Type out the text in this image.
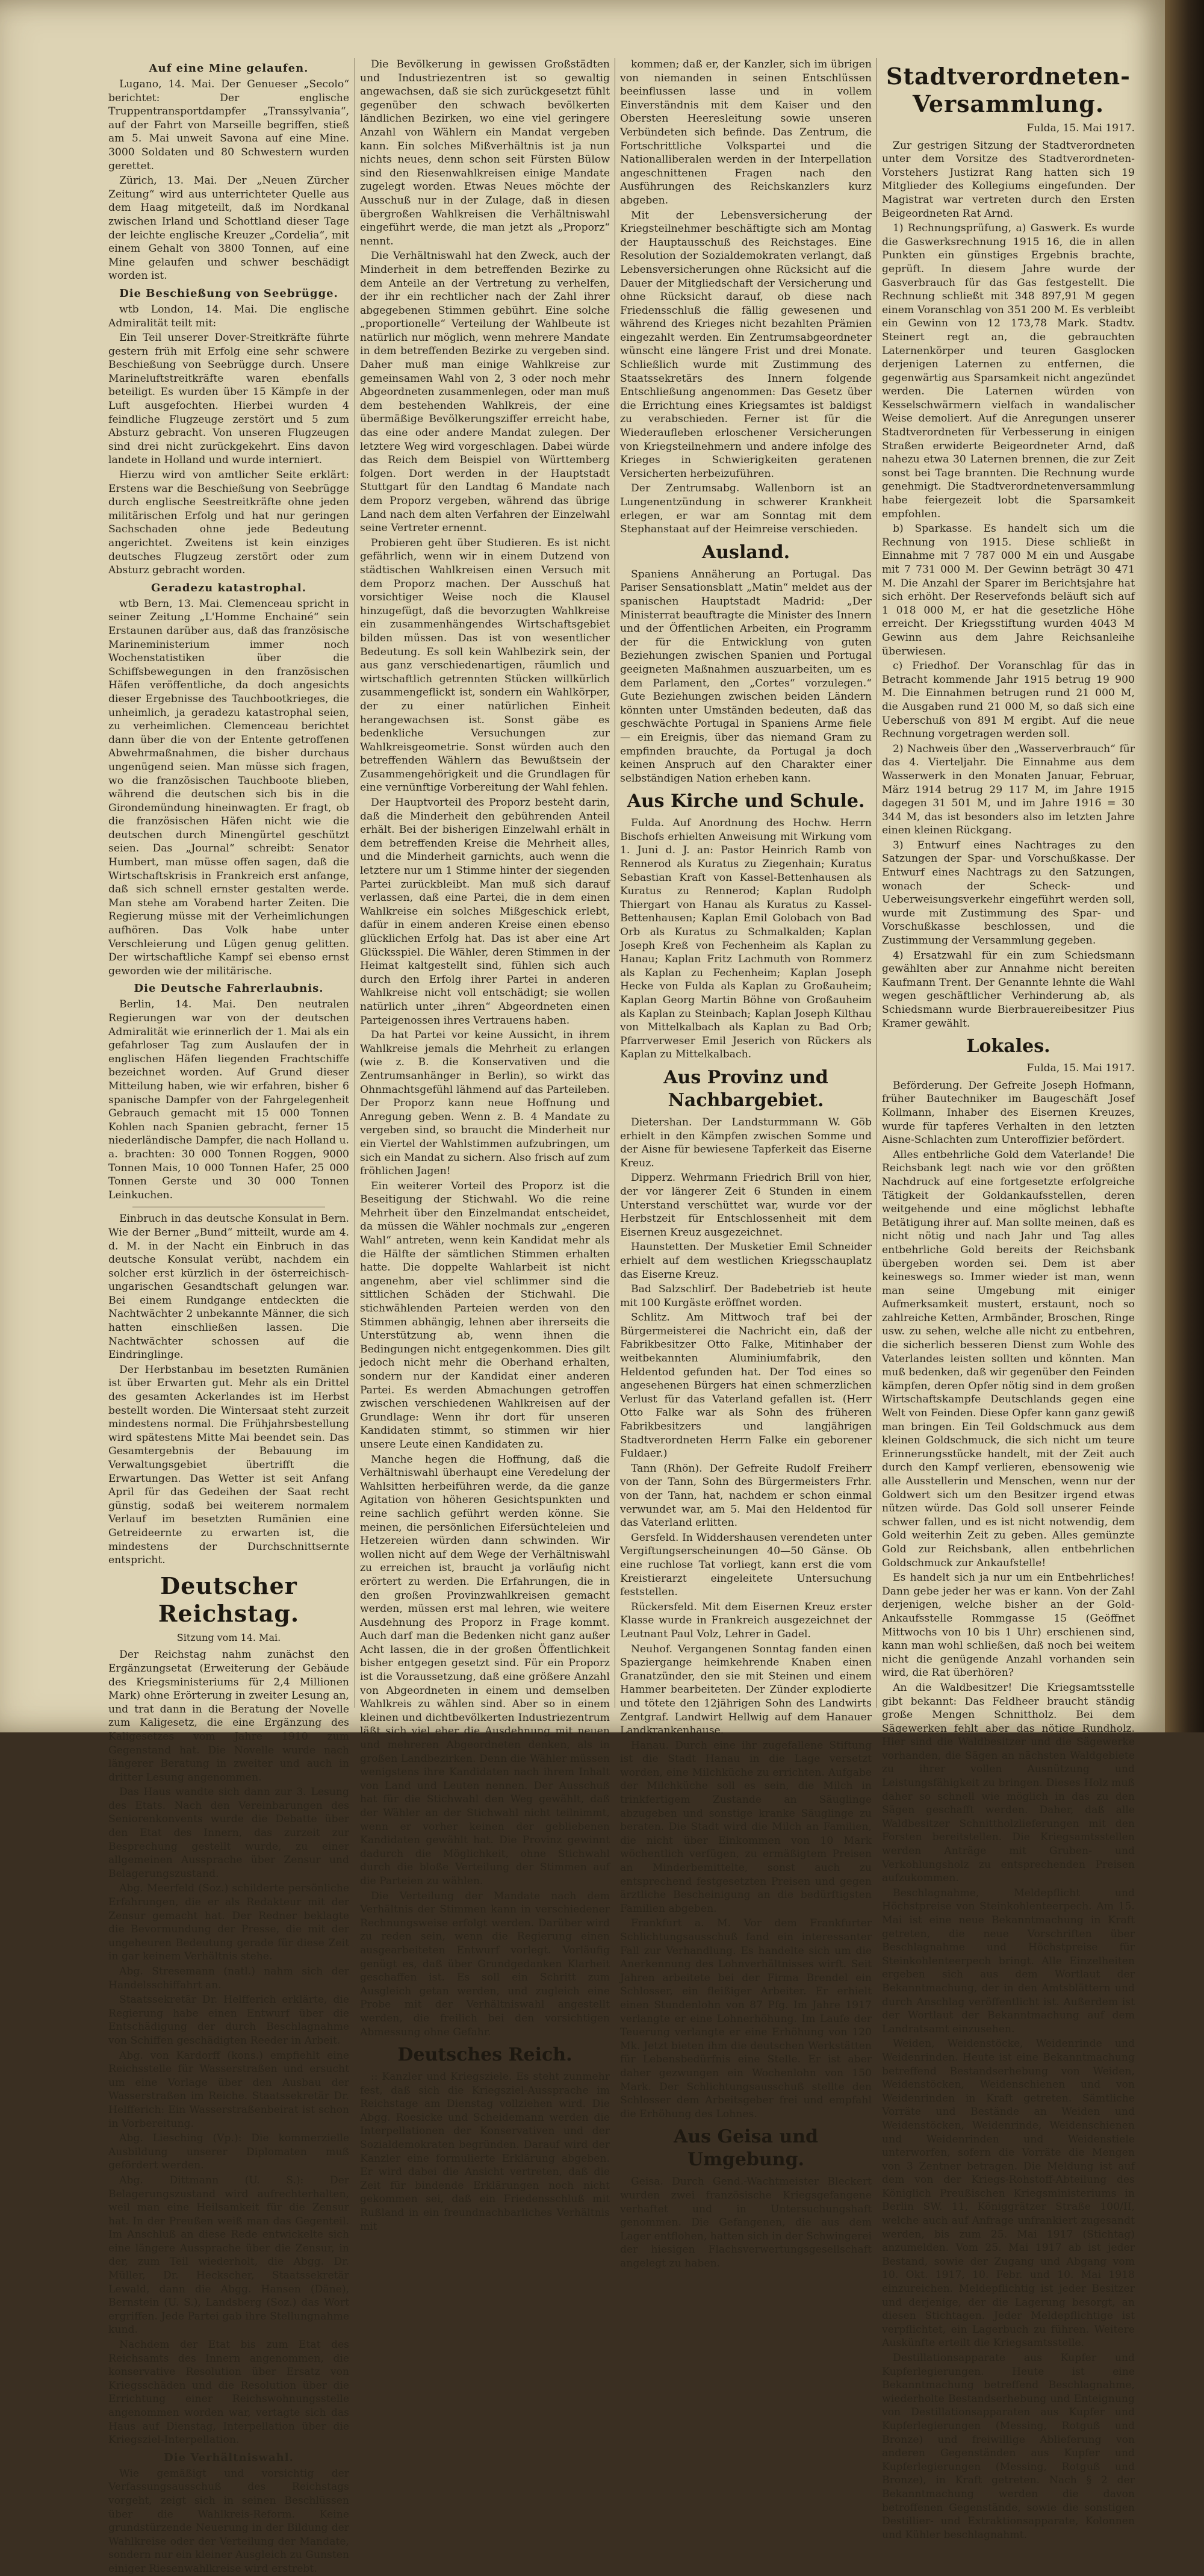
Auf eine Mine gelaufen.

Lugano, 14. Mai. Der Genueser „Secolo“ berichtet: Der englische Truppentransportdampfer „Transsylvania“, auf der Fahrt von Marseille begriffen, stieß am 5. Mai unweit Savona auf eine Mine. 3000 Soldaten und 80 Schwestern wurden gerettet.

Zürich, 13. Mai. Der „Neuen Zürcher Zeitung“ wird aus unterrichteter Quelle aus dem Haag mitgeteilt, daß im Nordkanal zwischen Irland und Schottland dieser Tage der leichte englische Kreuzer „Cordelia“, mit einem Gehalt von 3800 Tonnen, auf eine Mine gelaufen und schwer beschädigt worden ist.

Die Beschießung von Seebrügge.

wtb London, 14. Mai. Die englische Admiralität teilt mit:

Ein Teil unserer Dover-Streitkräfte führte gestern früh mit Erfolg eine sehr schwere Beschießung von Seebrügge durch. Unsere Marineluftstreitkräfte waren ebenfalls beteiligt. Es wurden über 15 Kämpfe in der Luft ausgefochten. Hierbei wurden 4 feindliche Flugzeuge zerstört und 5 zum Absturz gebracht. Von unseren Flugzeugen sind drei nicht zurückgekehrt. Eins davon landete in Holland und wurde interniert.

Hierzu wird von amtlicher Seite erklärt: Erstens war die Beschießung von Seebrügge durch englische Seestreitkräfte ohne jeden militärischen Erfolg und hat nur geringen Sachschaden ohne jede Bedeutung angerichtet. Zweitens ist kein einziges deutsches Flugzeug zerstört oder zum Absturz gebracht worden.

Geradezu katastrophal.

wtb Bern, 13. Mai. Clemenceau spricht in seiner Zeitung „L'Homme Enchainé“ sein Erstaunen darüber aus, daß das französische Marineministerium immer noch Wochenstatistiken über die Schiffsbewegungen in den französischen Häfen veröffentliche, da doch angesichts dieser Ergebnisse des Tauchbootkrieges, die unheimlich, ja geradezu katastrophal seien, zu verheimlichen. Clemenceau berichtet dann über die von der Entente getroffenen Abwehrmaßnahmen, die bisher durchaus ungenügend seien. Man müsse sich fragen, wo die französischen Tauchboote blieben, während die deutschen sich bis in die Girondemündung hineinwagten. Er fragt, ob die französischen Häfen nicht wie die deutschen durch Minengürtel geschützt seien. Das „Journal“ schreibt: Senator Humbert, man müsse offen sagen, daß die Wirtschaftskrisis in Frankreich erst anfange, daß sich schnell ernster gestalten werde. Man stehe am Vorabend harter Zeiten. Die Regierung müsse mit der Verheimlichungen aufhören. Das Volk habe unter Verschleierung und Lügen genug gelitten. Der wirtschaftliche Kampf sei ebenso ernst geworden wie der militärische.

Die Deutsche Fahrerlaubnis.

Berlin, 14. Mai. Den neutralen Regierungen war von der deutschen Admiralität wie erinnerlich der 1. Mai als ein gefahrloser Tag zum Auslaufen der in englischen Häfen liegenden Frachtschiffe bezeichnet worden. Auf Grund dieser Mitteilung haben, wie wir erfahren, bisher 6 spanische Dampfer von der Fahrgelegenheit Gebrauch gemacht mit 15 000 Tonnen Kohlen nach Spanien gebracht, ferner 15 niederländische Dampfer, die nach Holland u. a. brachten: 30 000 Tonnen Roggen, 9000 Tonnen Mais, 10 000 Tonnen Hafer, 25 000 Tonnen Gerste und 30 000 Tonnen Leinkuchen.

Einbruch in das deutsche Konsulat in Bern. Wie der Berner „Bund“ mitteilt, wurde am 4. d. M. in der Nacht ein Einbruch in das deutsche Konsulat verübt, nachdem ein solcher erst kürzlich in der österreichisch-ungarischen Gesandtschaft gelungen war. Bei einem Rundgange entdeckten die Nachtwächter 2 unbekannte Männer, die sich hatten einschließen lassen. Die Nachtwächter schossen auf die Eindringlinge.

Der Herbstanbau im besetzten Rumänien ist über Erwarten gut. Mehr als ein Drittel des gesamten Ackerlandes ist im Herbst bestellt worden. Die Wintersaat steht zurzeit mindestens normal. Die Frühjahrsbestellung wird spätestens Mitte Mai beendet sein. Das Gesamtergebnis der Bebauung im Verwaltungsgebiet übertrifft die Erwartungen. Das Wetter ist seit Anfang April für das Gedeihen der Saat recht günstig, sodaß bei weiterem normalem Verlauf im besetzten Rumänien eine Getreideernte zu erwarten ist, die mindestens der Durchschnittsernte entspricht.

Deutscher Reichstag.
Sitzung vom 14. Mai.

Der Reichstag nahm zunächst den Ergänzungsetat (Erweiterung der Gebäude des Kriegsministeriums für 2,4 Millionen Mark) ohne Erörterung in zweiter Lesung an, und trat dann in die Beratung der Novelle zum Kaligesetz, die eine Ergänzung des Kaligesetzes vom Jahre 1910 zum Gegenstand hat. Die Novelle wurde nach längerer Beratung in zweiter und auch in dritter Lesung angenommen.

Das Haus wandte sich dann zur 3. Lesung des Etats. Nach den Vereinbarungen des Seniorenkonvents wurde die Debatte über den Etat des Innern, das zurzeit zur Besprechung gestellt wurde, zu einer allgemeinen Aussprache über Zensur und Belagerungszustand.

Abg. Meerfeld (Soz.) schilderte persönliche Erfahrungen, die er als Redakteur mit der Zensur gemacht hat. Der Redner beklagte die Bevormundung der Presse, die mit der ungeheuren Bedeutung gerade für diese Zeit in gar keinem Verhältnis stehe.

Abg. Stresemann (natl.) nahm sich der Handelsschiffahrt an.

Staatssekretär Dr. Helfferich erklärte, die Regierung habe einen Entwurf über die Entschädigung der durch Beschlagnahme von Schiffen geschädigten Reeder in Arbeit.

Abg. von Kardorff (kons.) empfiehlt eine Reichsstelle für Wasserstraßen und ersucht um eine Vorlage über den Ausbau der Wasserstraßen im Reiche. Staatssekretär Dr. Helfferich: Ein Wasserstraßenbeirat ist schon in Vorbereitung.

Abg. Liesching (Vp.): Die kommerzielle Ausbildung unserer Diplomaten muß gefördert werden.

Abg. Dittmann (U. S.): Der Belagerungszustand wird aufrechterhalten, weil man eine Heilsamkeit für die Zensur hat. In der Preußen weiß man das Gegenteil. Im Anschluß an diese Rede entwickelte sich eine längere Aussprache über die Zensur, in der, zum Teil wiederholt, die Abgg. Dr. Müller, Dr. Heckscher, Staatssekretär Lewald, dann die Abgg. Hansen (Däne), Bernstein (U. S.), Landsberg (Soz.) das Wort ergriffen. Jede Partei gab ihre Stellungnahme kund.

Nachdem der Etat bis zum Etat des Reichsamts des Innern angenommen, die konservative Resolution über Ersatz von Kriegsschäden und die Resolution über die Errichtung einer Reichswohnungsstelle angenommen worden war, vertagte sich das Haus auf Dienstag, Interpellation über die Kriegsziel-Interpellation.

Die Verhältniswahl.

Wie gemäßigt und vorsichtig der Verfassungsausschuß des Reichstags vorgeht, zeigt sich in seinen Beschlüssen über die Wahlkreis-Reform. Keine grundstürzende Neuerung in der Bildung der Wahlkreise oder der Verteilung der Mandate, sondern nur ein kleiner Ausgleich zu Gunsten einiger Riesenwahlkreise wird erstrebt.

Die Bevölkerung in gewissen Großstädten und Industriezentren ist so gewaltig angewachsen, daß sie sich zurückgesetzt fühlt gegenüber den schwach bevölkerten ländlichen Bezirken, wo eine viel geringere Anzahl von Wählern ein Mandat vergeben kann. Ein solches Mißverhältnis ist ja nun nichts neues, denn schon seit Fürsten Bülow sind den Riesenwahlkreisen einige Mandate zugelegt worden. Etwas Neues möchte der Ausschuß nur in der Zulage, daß in diesen übergroßen Wahlkreisen die Verhältniswahl eingeführt werde, die man jetzt als „Proporz“ nennt.

Die Verhältniswahl hat den Zweck, auch der Minderheit in dem betreffenden Bezirke zu dem Anteile an der Vertretung zu verhelfen, der ihr ein rechtlicher nach der Zahl ihrer abgegebenen Stimmen gebührt. Eine solche „proportionelle“ Verteilung der Wahlbeute ist natürlich nur möglich, wenn mehrere Mandate in dem betreffenden Bezirke zu vergeben sind. Daher muß man einige Wahlkreise zur gemeinsamen Wahl von 2, 3 oder noch mehr Abgeordneten zusammenlegen, oder man muß dem bestehenden Wahlkreis, der eine übermäßige Bevölkerungsziffer erreicht habe, das eine oder andere Mandat zulegen. Der letztere Weg wird vorgeschlagen. Dabei würde das Reich dem Beispiel von Württemberg folgen. Dort werden in der Hauptstadt Stuttgart für den Landtag 6 Mandate nach dem Proporz vergeben, während das übrige Land nach dem alten Verfahren der Einzelwahl seine Vertreter ernennt.

Probieren geht über Studieren. Es ist nicht gefährlich, wenn wir in einem Dutzend von städtischen Wahlkreisen einen Versuch mit dem Proporz machen. Der Ausschuß hat vorsichtiger Weise noch die Klausel hinzugefügt, daß die bevorzugten Wahlkreise ein zusammenhängendes Wirtschaftsgebiet bilden müssen. Das ist von wesentlicher Bedeutung. Es soll kein Wahlbezirk sein, der aus ganz verschiedenartigen, räumlich und wirtschaftlich getrennten Stücken willkürlich zusammengeflickt ist, sondern ein Wahlkörper, der zu einer natürlichen Einheit herangewachsen ist. Sonst gäbe es bedenkliche Versuchungen zur Wahlkreisgeometrie. Sonst würden auch den betreffenden Wählern das Bewußtsein der Zusammengehörigkeit und die Grundlagen für eine vernünftige Vorbereitung der Wahl fehlen.

Der Hauptvorteil des Proporz besteht darin, daß die Minderheit den gebührenden Anteil erhält. Bei der bisherigen Einzelwahl erhält in dem betreffenden Kreise die Mehrheit alles, und die Minderheit garnichts, auch wenn die letztere nur um 1 Stimme hinter der siegenden Partei zurückbleibt. Man muß sich darauf verlassen, daß eine Partei, die in dem einen Wahlkreise ein solches Mißgeschick erlebt, dafür in einem anderen Kreise einen ebenso glücklichen Erfolg hat. Das ist aber eine Art Glücksspiel. Die Wähler, deren Stimmen in der Heimat kaltgestellt sind, fühlen sich auch durch den Erfolg ihrer Partei in anderen Wahlkreise nicht voll entschädigt; sie wollen natürlich unter „ihren“ Abgeordneten einen Parteigenossen ihres Vertrauens haben.

Da hat Partei vor keine Aussicht, in ihrem Wahlkreise jemals die Mehrheit zu erlangen (wie z. B. die Konservativen und die Zentrumsanhänger in Berlin), so wirkt das Ohnmachtsgefühl lähmend auf das Parteileben. Der Proporz kann neue Hoffnung und Anregung geben. Wenn z. B. 4 Mandate zu vergeben sind, so braucht die Minderheit nur ein Viertel der Wahlstimmen aufzubringen, um sich ein Mandat zu sichern. Also frisch auf zum fröhlichen Jagen!

Ein weiterer Vorteil des Proporz ist die Beseitigung der Stichwahl. Wo die reine Mehrheit über den Einzelmandat entscheidet, da müssen die Wähler nochmals zur „engeren Wahl“ antreten, wenn kein Kandidat mehr als die Hälfte der sämtlichen Stimmen erhalten hatte. Die doppelte Wahlarbeit ist nicht angenehm, aber viel schlimmer sind die sittlichen Schäden der Stichwahl. Die stichwählenden Parteien werden von den Stimmen abhängig, lehnen aber ihrerseits die Unterstützung ab, wenn ihnen die Bedingungen nicht entgegenkommen. Dies gilt jedoch nicht mehr die Oberhand erhalten, sondern nur der Kandidat einer anderen Partei. Es werden Abmachungen getroffen zwischen verschiedenen Wahlkreisen auf der Grundlage: Wenn ihr dort für unseren Kandidaten stimmt, so stimmen wir hier unsere Leute einen Kandidaten zu.

Manche hegen die Hoffnung, daß die Verhältniswahl überhaupt eine Veredelung der Wahlsitten herbeiführen werde, da die ganze Agitation von höheren Gesichtspunkten und reine sachlich geführt werden könne. Sie meinen, die persönlichen Eifersüchteleien und Hetzereien würden dann schwinden. Wir wollen nicht auf dem Wege der Verhältniswahl zu erreichen ist, braucht ja vorläufig nicht erörtert zu werden. Die Erfahrungen, die in den großen Provinzwahlkreisen gemacht werden, müssen erst mal lehren, wie weitere Ausdehnung des Proporz in Frage kommt. Auch darf man die Bedenken nicht ganz außer Acht lassen, die in der großen Öffentlichkeit bisher entgegen gesetzt sind. Für ein Proporz ist die Voraussetzung, daß eine größere Anzahl von Abgeordneten in einem und demselben Wahlkreis zu wählen sind. Aber so in einem kleinen und dichtbevölkerten Industriezentrum läßt sich viel eher die Ausdehnung mit neuen und mehreren Abgeordneten denken, als in großen Landbezirken. Denn die Wähler müssen wenigstens ihre Kandidaten nach ihrem Inhalt von Land und Leuten nennen. Der Ausschuß hat für die Stichwahl den Weg gewählt, daß der Wähler an der Stichwahl nicht teilnimmt, wenn er vorher keinen der gebliebenen Kandidaten gewählt hat. Die Provinz gewinnt dadurch die Möglichkeit, ohne Stichwahl durch die bloße Verteilung der Stimmen auf die Parteien zu wählen.

Die Verteilung der Mandate nach dem Verhältnis der Stimmen kann in verschiedener Rechnungsweise erfolgt werden. Darüber wird zu reden sein, wenn die Regierung einen ausgearbeiteten Entwurf vorlegt. Vorläufig genügt es, daß über Grundgedanken Klarheit geschaffen ist. Es soll ein Schritt zum Ausgleich getan werden, und zugleich eine Probe mit der Verhältniswahl angestellt werden, die freilich bei den vorsichtigen Abmessung ohne Gefahr.

Deutsches Reich.

:: Kanzler und Kriegsziele. Es steht zunmehr fest, daß sich die Kriegsziel-Aussprache im Reichstage am Dienstag vollziehen wird. Die Abgg. Roesicke und Scheidemann werden die Interpellationen der Konservativen und der Sozialdemokraten begründen. Darauf wird der Kanzler eine formulierte Erklärung abgeben. Er wird dabei die Ansicht vertreten, daß die Zeit für bindende Erklärungen noch nicht gekommen sei, daß ein Friedensschluß mit Rußland in ein freundnachbarliches Verhältnis mit

kommen; daß er, der Kanzler, sich im übrigen von niemanden in seinen Entschlüssen beeinflussen lasse und in vollem Einverständnis mit dem Kaiser und den Obersten Heeresleitung sowie unseren Verbündeten sich befinde. Das Zentrum, die Fortschrittliche Volkspartei und die Nationalliberalen werden in der Interpellation angeschnittenen Fragen nach den Ausführungen des Reichskanzlers kurz abgeben.

Mit der Lebensversicherung der Kriegsteilnehmer beschäftigte sich am Montag der Hauptausschuß des Reichstages. Eine Resolution der Sozialdemokraten verlangt, daß Lebensversicherungen ohne Rücksicht auf die Dauer der Mitgliedschaft der Versicherung und ohne Rücksicht darauf, ob diese nach Friedensschluß die fällig gewesenen und während des Krieges nicht bezahlten Prämien eingezahlt werden. Ein Zentrumsabgeordneter wünscht eine längere Frist und drei Monate. Schließlich wurde mit Zustimmung des Staatssekretärs des Innern folgende Entschließung angenommen: Das Gesetz über die Errichtung eines Kriegsamtes ist baldigst zu verabschieden. Ferner ist für die Wiederaufleben erloschener Versicherungen von Kriegsteilnehmern und andere infolge des Krieges in Schwierigkeiten geratenen Versicherten herbeizuführen.

Der Zentrumsabg. Wallenborn ist an Lungenentzündung in schwerer Krankheit erlegen, er war am Sonntag mit dem Stephanstaat auf der Heimreise verschieden.

Ausland.

Spaniens Annäherung an Portugal. Das Pariser Sensationsblatt „Matin“ meldet aus der spanischen Hauptstadt Madrid: „Der Ministerrat beauftragte die Minister des Innern und der Öffentlichen Arbeiten, ein Programm der für die Entwicklung von guten Beziehungen zwischen Spanien und Portugal geeigneten Maßnahmen auszuarbeiten, um es dem Parlament, den „Cortes“ vorzulegen.“ Gute Beziehungen zwischen beiden Ländern könnten unter Umständen bedeuten, daß das geschwächte Portugal in Spaniens Arme fiele — ein Ereignis, über das niemand Gram zu empfinden brauchte, da Portugal ja doch keinen Anspruch auf den Charakter einer selbständigen Nation erheben kann.

Aus Kirche und Schule.

Fulda. Auf Anordnung des Hochw. Herrn Bischofs erhielten Anweisung mit Wirkung vom 1. Juni d. J. an: Pastor Heinrich Ramb von Rennerod als Kuratus zu Ziegenhain; Kuratus Sebastian Kraft von Kassel-Bettenhausen als Kuratus zu Rennerod; Kaplan Rudolph Thiergart von Hanau als Kuratus zu Kassel-Bettenhausen; Kaplan Emil Golobach von Bad Orb als Kuratus zu Schmalkalden; Kaplan Joseph Kreß von Fechenheim als Kaplan zu Hanau; Kaplan Fritz Lachmuth von Rommerz als Kaplan zu Fechenheim; Kaplan Joseph Hecke von Fulda als Kaplan zu Großauheim; Kaplan Georg Martin Böhne von Großauheim als Kaplan zu Steinbach; Kaplan Joseph Kilthau von Mittelkalbach als Kaplan zu Bad Orb; Pfarrverweser Emil Jeserich von Rückers als Kaplan zu Mittelkalbach.

Aus Provinz und Nachbargebiet.

Dietershan. Der Landsturmmann W. Göb erhielt in den Kämpfen zwischen Somme und der Aisne für bewiesene Tapferkeit das Eiserne Kreuz.

Dipperz. Wehrmann Friedrich Brill von hier, der vor längerer Zeit 6 Stunden in einem Unterstand verschüttet war, wurde vor der Herbstzeit für Entschlossenheit mit dem Eisernen Kreuz ausgezeichnet.

Haunstetten. Der Musketier Emil Schneider erhielt auf dem westlichen Kriegsschauplatz das Eiserne Kreuz.

Bad Salzschlirf. Der Badebetrieb ist heute mit 100 Kurgäste eröffnet worden.

Schlitz. Am Mittwoch traf bei der Bürgermeisterei die Nachricht ein, daß der Fabrikbesitzer Otto Falke, Mitinhaber der weitbekannten Aluminiumfabrik, den Heldentod gefunden hat. Der Tod eines so angesehenen Bürgers hat einen schmerzlichen Verlust für das Vaterland gefallen ist. (Herr Otto Falke war als Sohn des früheren Fabrikbesitzers und langjährigen Stadtverordneten Herrn Falke ein geborener Fuldaer.)

Tann (Rhön). Der Gefreite Rudolf Freiherr von der Tann, Sohn des Bürgermeisters Frhr. von der Tann, hat, nachdem er schon einmal verwundet war, am 5. Mai den Heldentod für das Vaterland erlitten.

Gersfeld. In Widdershausen verendeten unter Vergiftungserscheinungen 40—50 Gänse. Ob eine ruchlose Tat vorliegt, kann erst die vom Kreistierarzt eingeleitete Untersuchung feststellen.

Rückersfeld. Mit dem Eisernen Kreuz erster Klasse wurde in Frankreich ausgezeichnet der Leutnant Paul Volz, Lehrer in Gadel.

Neuhof. Vergangenen Sonntag fanden einen Spaziergange heimkehrende Knaben einen Granatzünder, den sie mit Steinen und einem Hammer bearbeiteten. Der Zünder explodierte und tötete den 12jährigen Sohn des Landwirts Zentgraf. Landwirt Hellwig auf dem Hanauer Landkrankenhause.

Hanau. Durch eine ihr zugefallene Stiftung ist die Stadt Hanau in die Lage versetzt worden, eine Milchküche zu errichten. Aufgabe der Milchküche soll es sein, die Milch in trinkfertigem Zustande an Säuglinge abzugeben und sonstige kranke Säuglinge zu beraten. Die Stadt wird die Milch an Familien, die nicht über Einkommen von 10 Mark wöchentlich verfügen, zu ermäßigtem Preisen an Minderbemittelte, sonst auch zu entsprechend festgesetzten Preisen und gegen ärztliche Bescheinigung an die bedürftigsten Familien abgeben.

Frankfurt a. M. Vor dem Frankfurter Schlichtungsausschuß fand ein interessanter Fall zur Verhandlung. Es handelte sich um die Anerkennung des Lohnverhältnisses wirft. Seit Jahren arbeitete bei der Firma Brendel ein Schlosser, ein fleißiger Arbeiter. Er erhielt einen Stundenlohn von 87 Pfg. Im Jahre 1917 verlangte er eine Lohnerhöhung. Im Laufe der Teuerung verlangte er eine Erhöhung von 120 Mk. Jetzt bieten ihm die deutschen Werkstätten für Lebensbedürfnis eine Stelle. Er ist aber daher gezwungen ein Wochenlohn von 150 Mark. Der Schlichtungsausschuß stellte den Schlosser dem Arbeitsgeber frei und empfahl die Erhöhung des Lohnes.

Aus Geisa und Umgebung.

Geisa. Durch Gend.-Wachtmeister Bleckert wurden zwei französische Kriegsgefangene verhaftet und in Untersuchungshaft genommen. Die Gefangenen, die aus dem Lager entflohen, hatten sich in der Schwingerei der hiesigen Flachsverwertungsgesellschaft angelegt zu haben.

Stadtverordneten-Versammlung.
Fulda, 15. Mai 1917.

Zur gestrigen Sitzung der Stadtverordneten unter dem Vorsitze des Stadtverordneten-Vorstehers Justizrat Rang hatten sich 19 Mitglieder des Kollegiums eingefunden. Der Magistrat war vertreten durch den Ersten Beigeordneten Rat Arnd.

1) Rechnungsprüfung, a) Gaswerk. Es wurde die Gaswerksrechnung 1915 16, die in allen Punkten ein günstiges Ergebnis brachte, geprüft. In diesem Jahre wurde der Gasverbrauch für das Gas festgestellt. Die Rechnung schließt mit 348 897,91 M gegen einem Voranschlag von 351 200 M. Es verbleibt ein Gewinn von 12 173,78 Mark. Stadtv. Steinert regt an, die gebrauchten Laternenkörper und teuren Gasglocken derjenigen Laternen zu entfernen, die gegenwärtig aus Sparsamkeit nicht angezündet werden. Die Laternen würden von Kesselschwärmern vielfach in wandalischer Weise demoliert. Auf die Anregungen unserer Stadtverordneten für Verbesserung in einigen Straßen erwiderte Beigeordneter Arnd, daß nahezu etwa 30 Laternen brennen, die zur Zeit sonst bei Tage brannten. Die Rechnung wurde genehmigt. Die Stadtverordnetenversammlung habe feiergezeit lobt die Sparsamkeit empfohlen.

b) Sparkasse. Es handelt sich um die Rechnung von 1915. Diese schließt in Einnahme mit 7 787 000 M ein und Ausgabe mit 7 731 000 M. Der Gewinn beträgt 30 471 M. Die Anzahl der Sparer im Berichtsjahre hat sich erhöht. Der Reservefonds beläuft sich auf 1 018 000 M, er hat die gesetzliche Höhe erreicht. Der Kriegsstiftung wurden 4043 M Gewinn aus dem Jahre Reichsanleihe überwiesen.

c) Friedhof. Der Voranschlag für das in Betracht kommende Jahr 1915 betrug 19 900 M. Die Einnahmen betrugen rund 21 000 M, die Ausgaben rund 21 000 M, so daß sich eine Ueberschuß von 891 M ergibt. Auf die neue Rechnung vorgetragen werden soll.

2) Nachweis über den „Wasserverbrauch“ für das 4. Vierteljahr. Die Einnahme aus dem Wasserwerk in den Monaten Januar, Februar, März 1914 betrug 29 117 M, im Jahre 1915 dagegen 31 501 M, und im Jahre 1916 = 30 344 M, das ist besonders also im letzten Jahre einen kleinen Rückgang.

3) Entwurf eines Nachtrages zu den Satzungen der Spar- und Vorschußkasse. Der Entwurf eines Nachtrags zu den Satzungen, wonach der Scheck- und Ueberweisungsverkehr eingeführt werden soll, wurde mit Zustimmung des Spar- und Vorschußkasse beschlossen, und die Zustimmung der Versammlung gegeben.

4) Ersatzwahl für ein zum Schiedsmann gewählten aber zur Annahme nicht bereiten Kaufmann Trent. Der Genannte lehnte die Wahl wegen geschäftlicher Verhinderung ab, als Schiedsmann wurde Bierbrauereibesitzer Pius Kramer gewählt.

Lokales.
Fulda, 15. Mai 1917.

Beförderung. Der Gefreite Joseph Hofmann, früher Bautechniker im Baugeschäft Josef Kollmann, Inhaber des Eisernen Kreuzes, wurde für tapferes Verhalten in den letzten Aisne-Schlachten zum Unteroffizier befördert.

Alles entbehrliche Gold dem Vaterlande! Die Reichsbank legt nach wie vor den größten Nachdruck auf eine fortgesetzte erfolgreiche Tätigkeit der Goldankaufsstellen, deren weitgehende und eine möglichst lebhafte Betätigung ihrer auf. Man sollte meinen, daß es nicht nötig und nach Jahr und Tag alles entbehrliche Gold bereits der Reichsbank übergeben worden sei. Dem ist aber keineswegs so. Immer wieder ist man, wenn man seine Umgebung mit einiger Aufmerksamkeit mustert, erstaunt, noch so zahlreiche Ketten, Armbänder, Broschen, Ringe usw. zu sehen, welche alle nicht zu entbehren, die sicherlich besseren Dienst zum Wohle des Vaterlandes leisten sollten und könnten. Man muß bedenken, daß wir gegenüber den Feinden kämpfen, deren Opfer nötig sind in dem großen Wirtschaftskampfe Deutschlands gegen eine Welt von Feinden. Diese Opfer kann ganz gewiß man bringen. Ein Teil Goldschmuck aus dem kleinen Goldschmuck, die sich nicht um teure Erinnerungsstücke handelt, mit der Zeit auch durch den Kampf verlieren, ebensowenig wie alle Ausstellerin und Menschen, wenn nur der Goldwert sich um den Besitzer irgend etwas nützen würde. Das Gold soll unserer Feinde schwer fallen, und es ist nicht notwendig, dem Gold weiterhin Zeit zu geben. Alles gemünzte Gold zur Reichsbank, allen entbehrlichen Goldschmuck zur Ankaufstelle!

Es handelt sich ja nur um ein Entbehrliches! Dann gebe jeder her was er kann. Von der Zahl derjenigen, welche bisher an der Gold-Ankaufsstelle Rommgasse 15 (Geöffnet Mittwochs von 10 bis 1 Uhr) erschienen sind, kann man wohl schließen, daß noch bei weitem nicht die genügende Anzahl vorhanden sein wird, die Rat überhören?

An die Waldbesitzer! Die Kriegsamtsstelle gibt bekannt: Das Feldheer braucht ständig große Mengen Schnittholz. Bei dem Sägewerken fehlt aber das nötige Rundholz. Hier sind die Waldbesitzer und die Sägewerke vorhanden, die Sägen an nächsten Waldgebiete zu ihrer vollen Ausnützung und Leistungsfähigkeit zu bringen. Dieses Holz muß daher so schnell wie möglich in das zu den Sägen geschafft werden. Daher, daß alle Waldbesitzer Schnittholzlieferungen mit den Forsten bereitstellen. Die Kriegsamtsstellen werden Anträge mit Gruben- und Verkohlungsholz zu entsprechenden Preisen aufzukommen.

Beschlagnahme, Meldepflicht und Höchstpreise von Steinkohlenteerpech. Am 15. Mai ist eine neue Bekanntmachung in Kraft getreten, die neue Vorschriften über Beschlagnahme und Höchstpreise für Steinkohlenteerpech bringt. Alle Einzelheiten ergeben sich aus dem Wortlaut der Bekanntmachung, der in den Amtsblättern und durch Anschlag veröffentlicht ist. Außerdem ist der Wortlaut der Bekanntmachung auf dem Landratsamt einzusehen.

Weiden, Weidenstöcke, Weidenrinde und Weidenrinden. Heute ist eine Bekanntmachung betreffend Bestandserhebung von Weiden, Weidenstöcken, Weidenschienen und von Weidenrinden in Kraft getreten. Sämtliche Vorräte und Bestände an Weiden und Weidenstöcken, Weidenrinde, Weidenschienen und Weidenrinden und Weidenstiele unterworfen, sofern die Vorräte die Mengen von 3 Zentner betragen. Die Meldung ist auf dem von der Kriegs-Rohstoff-Abteilung des Königlich Preußischen Kriegsministeriums in Berlin SW. 11, Königgrätzer Straße 100/II, welche auch auf Anfrage unfrankiert zugesandt werden, bis zum 25. Mai 1917 (Stichtag) anzumelden. Vom 25. Mai 1917 ab ist jeder Bestand, sowie der Zugang und Abgang vom 10. Okt. 1917, 10. Febr. und 10. Mai 1918 einzureichen. Meldepflichtig ist jeder Besitzer und derjenige, der die Lagerung besorgt, an diesen Stichtagen. Jeder Meldepflichtige ist verpflichtet, ein Lagerbuch zu führen. Weitere Auskünfte erteilt die Kriegsamtsstelle.

Destillationsapparate aus Kupfer und Kupferlegierungen. Heute ist eine Bekanntmachung betreffend Beschlagnahme, wiederholte Bestandserhebung und Enteignung von Destillationsapparaten aus Kupfer und Kupferlegierungen (Messing, Rotguß und Bronze) und freiwillige Ablieferung von anderen Gegenständen aus Kupfer und Kupferlegierungen (Messing, Rotguß und Bronze), in Kraft getreten. Nach § 2 der Bekanntmachung werden die davon betroffenen Gegenstände, sowie die sonstigen Destillier- und Extraktionsapparate, Kolonnen und Kühler beschlagnahmt.
